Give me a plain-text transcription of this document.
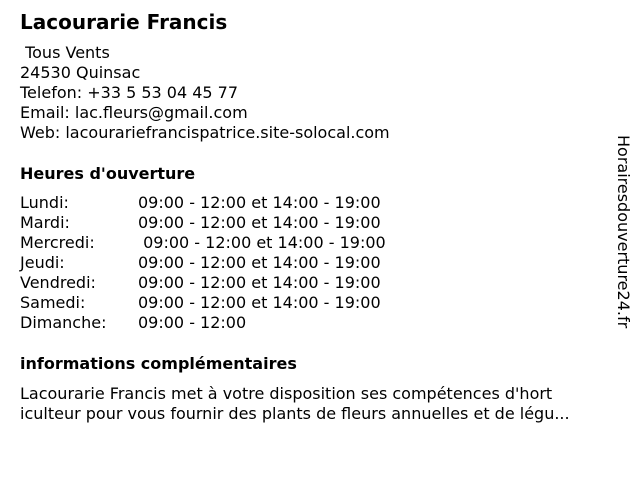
Lacourarie Francis
Tous Vents
24530 Quinsac
Telefon: +33 5 53 04 45 77
Email: lac.fleurs@gmail.com
Web: lacourariefrancispatrice.site-solocal.com
Heures d'ouverture
Lundi:	09:00 - 12:00 et 14:00 - 19:00
Mardi:	09:00 - 12:00 et 14:00 - 19:00
Mercredi:	09:00 - 12:00 et 14:00 - 19:00
Jeudi:	09:00 - 12:00 et 14:00 - 19:00
Vendredi:	09:00 - 12:00 et 14:00 - 19:00
Samedi:	09:00 - 12:00 et 14:00 - 19:00
Dimanche: 09:00 - 12:00
informations complémentaires
Lacourarie Francis met à votre disposition ses compétences d'hort
iculteur pour vous fournir des plants de fleurs annuelles et de légu...
Horairesdouverture24.fr
